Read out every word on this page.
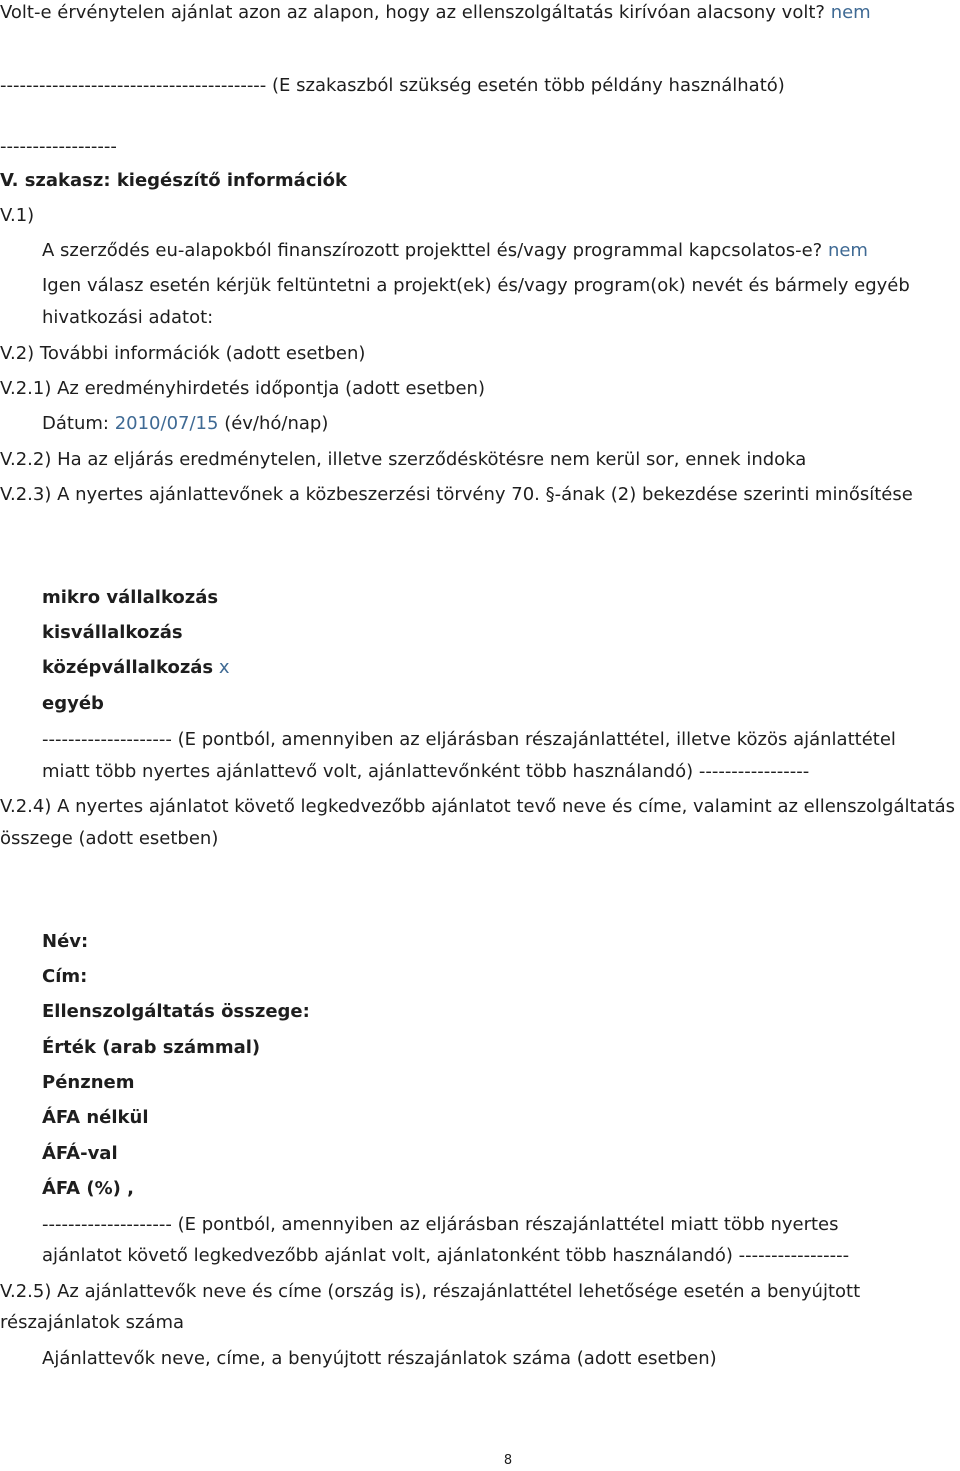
Volt-e érvénytelen ajánlat azon az alapon, hogy az ellenszolgáltatás kirívóan alacsony volt? nem
----------------------------------------- (E szakaszból szükség esetén több példány használható)
------------------
V. szakasz: kiegészítő információk
V.1)
A szerződés eu-alapokból finanszírozott projekttel és/vagy programmal kapcsolatos-e? nem
Igen válasz esetén kérjük feltüntetni a projekt(ek) és/vagy program(ok) nevét és bármely egyéb
hivatkozási adatot:
V.2) További információk (adott esetben)
V.2.1) Az eredményhirdetés időpontja (adott esetben)
Dátum: 2010/07/15 (év/hó/nap)
V.2.2) Ha az eljárás eredménytelen, illetve szerződéskötésre nem kerül sor, ennek indoka
V.2.3) A nyertes ajánlattevőnek a közbeszerzési törvény 70. §-ának (2) bekezdése szerinti minősítése
mikro vállalkozás
kisvállalkozás
középvállalkozás x
egyéb
-------------------- (E pontból, amennyiben az eljárásban részajánlattétel, illetve közös ajánlattétel
miatt több nyertes ajánlattevő volt, ajánlattevőnként több használandó) -----------------
V.2.4) A nyertes ajánlatot követő legkedvezőbb ajánlatot tevő neve és címe, valamint az ellenszolgáltatás
összege (adott esetben)
Név:
Cím:
Ellenszolgáltatás összege:
Érték (arab számmal)
Pénznem
ÁFA nélkül
ÁFÁ-val
ÁFA (%) ,
-------------------- (E pontból, amennyiben az eljárásban részajánlattétel miatt több nyertes
ajánlatot követő legkedvezőbb ajánlat volt, ajánlatonként több használandó) -----------------
V.2.5) Az ajánlattevők neve és címe (ország is), részajánlattétel lehetősége esetén a benyújtott
részajánlatok száma
Ajánlattevők neve, címe, a benyújtott részajánlatok száma (adott esetben)
8
